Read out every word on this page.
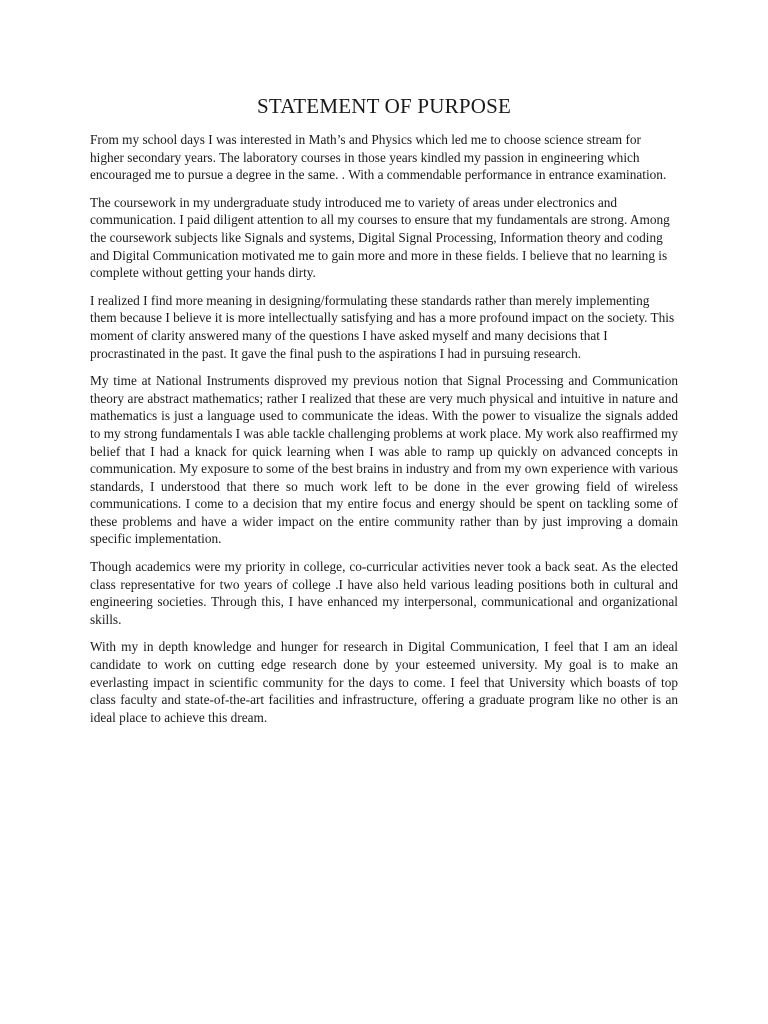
STATEMENT OF PURPOSE

From my school days I was interested in Math’s and Physics which led me to choose science stream for higher secondary years. The laboratory courses in those years kindled my passion in engineering which encouraged me to pursue a degree in the same. . With a commendable performance in entrance examination.

The coursework in my undergraduate study introduced me to variety of areas under electronics and communication. I paid diligent attention to all my courses to ensure that my fundamentals are strong. Among the coursework subjects like Signals and systems, Digital Signal Processing, Information theory and coding and Digital Communication motivated me to gain more and more in these fields. I believe that no learning is complete without getting your hands dirty.

I realized I find more meaning in designing/formulating these standards rather than merely implementing them because I believe it is more intellectually satisfying and has a more profound impact on the society. This moment of clarity answered many of the questions I have asked myself and many decisions that I procrastinated in the past. It gave the final push to the aspirations I had in pursuing research.

My time at National Instruments disproved my previous notion that Signal Processing and Communication theory are abstract mathematics; rather I realized that these are very much physical and intuitive in nature and mathematics is just a language used to communicate the ideas. With the power to visualize the signals added to my strong fundamentals I was able tackle challenging problems at work place. My work also reaffirmed my belief that I had a knack for quick learning when I was able to ramp up quickly on advanced concepts in communication. My exposure to some of the best brains in industry and from my own experience with various standards, I understood that there so much work left to be done in the ever growing field of wireless communications. I come to a decision that my entire focus and energy should be spent on tackling some of these problems and have a wider impact on the entire community rather than by just improving a domain specific implementation.

Though academics were my priority in college, co-curricular activities never took a back seat. As the elected class representative for two years of college .I have also held various leading positions both in cultural and engineering societies. Through this, I have enhanced my interpersonal, communicational and organizational skills.

With my in depth knowledge and hunger for research in Digital Communication, I feel that I am an ideal candidate to work on cutting edge research done by your esteemed university. My goal is to make an everlasting impact in scientific community for the days to come. I feel that University which boasts of top class faculty and state-of-the-art facilities and infrastructure, offering a graduate program like no other is an ideal place to achieve this dream.
